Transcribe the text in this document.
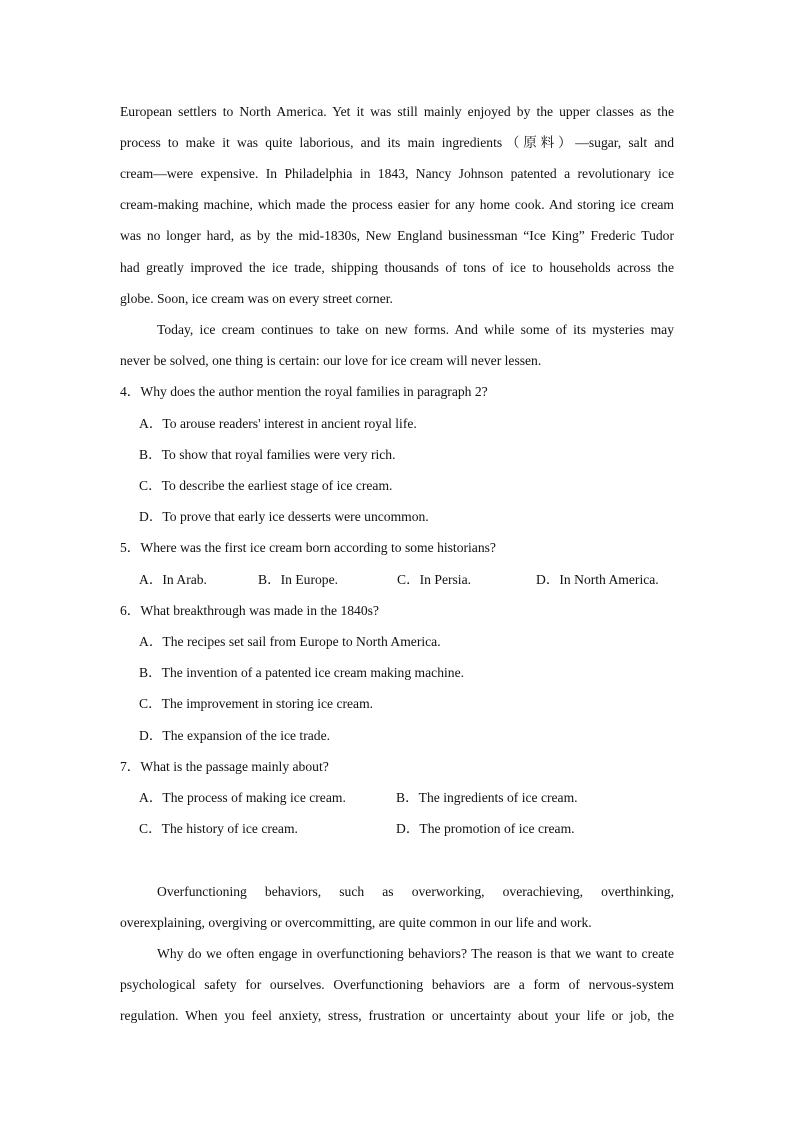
European settlers to North America. Yet it was still mainly enjoyed by the upper classes as the
process to make it was quite laborious, and its main ingredients（原料）—sugar, salt and
cream—were expensive. In Philadelphia in 1843, Nancy Johnson patented a revolutionary ice
cream-making machine, which made the process easier for any home cook. And storing ice cream
was no longer hard, as by the mid-1830s, New England businessman “Ice King” Frederic Tudor
had greatly improved the ice trade, shipping thousands of tons of ice to households across the
globe. Soon, ice cream was on every street corner.
Today, ice cream continues to take on new forms. And while some of its mysteries may
never be solved, one thing is certain: our love for ice cream will never lessen.
4．Why does the author mention the royal families in paragraph 2?
A．To arouse readers' interest in ancient royal life.
B．To show that royal families were very rich.
C．To describe the earliest stage of ice cream.
D．To prove that early ice desserts were uncommon.
5．Where was the first ice cream born according to some historians?
A．In Arab.	B．In Europe.	C．In Persia.	D．In North America.
6．What breakthrough was made in the 1840s?
A．The recipes set sail from Europe to North America.
B．The invention of a patented ice cream making machine.
C．The improvement in storing ice cream.
D．The expansion of the ice trade.
7．What is the passage mainly about?
A．The process of making ice cream.	B．The ingredients of ice cream.
C．The history of ice cream.	D．The promotion of ice cream.
Overfunctioning behaviors, such as overworking, overachieving, overthinking,
overexplaining, overgiving or overcommitting, are quite common in our life and work.
Why do we often engage in overfunctioning behaviors? The reason is that we want to create
psychological safety for ourselves. Overfunctioning behaviors are a form of nervous-system
regulation. When you feel anxiety, stress, frustration or uncertainty about your life or job, the
